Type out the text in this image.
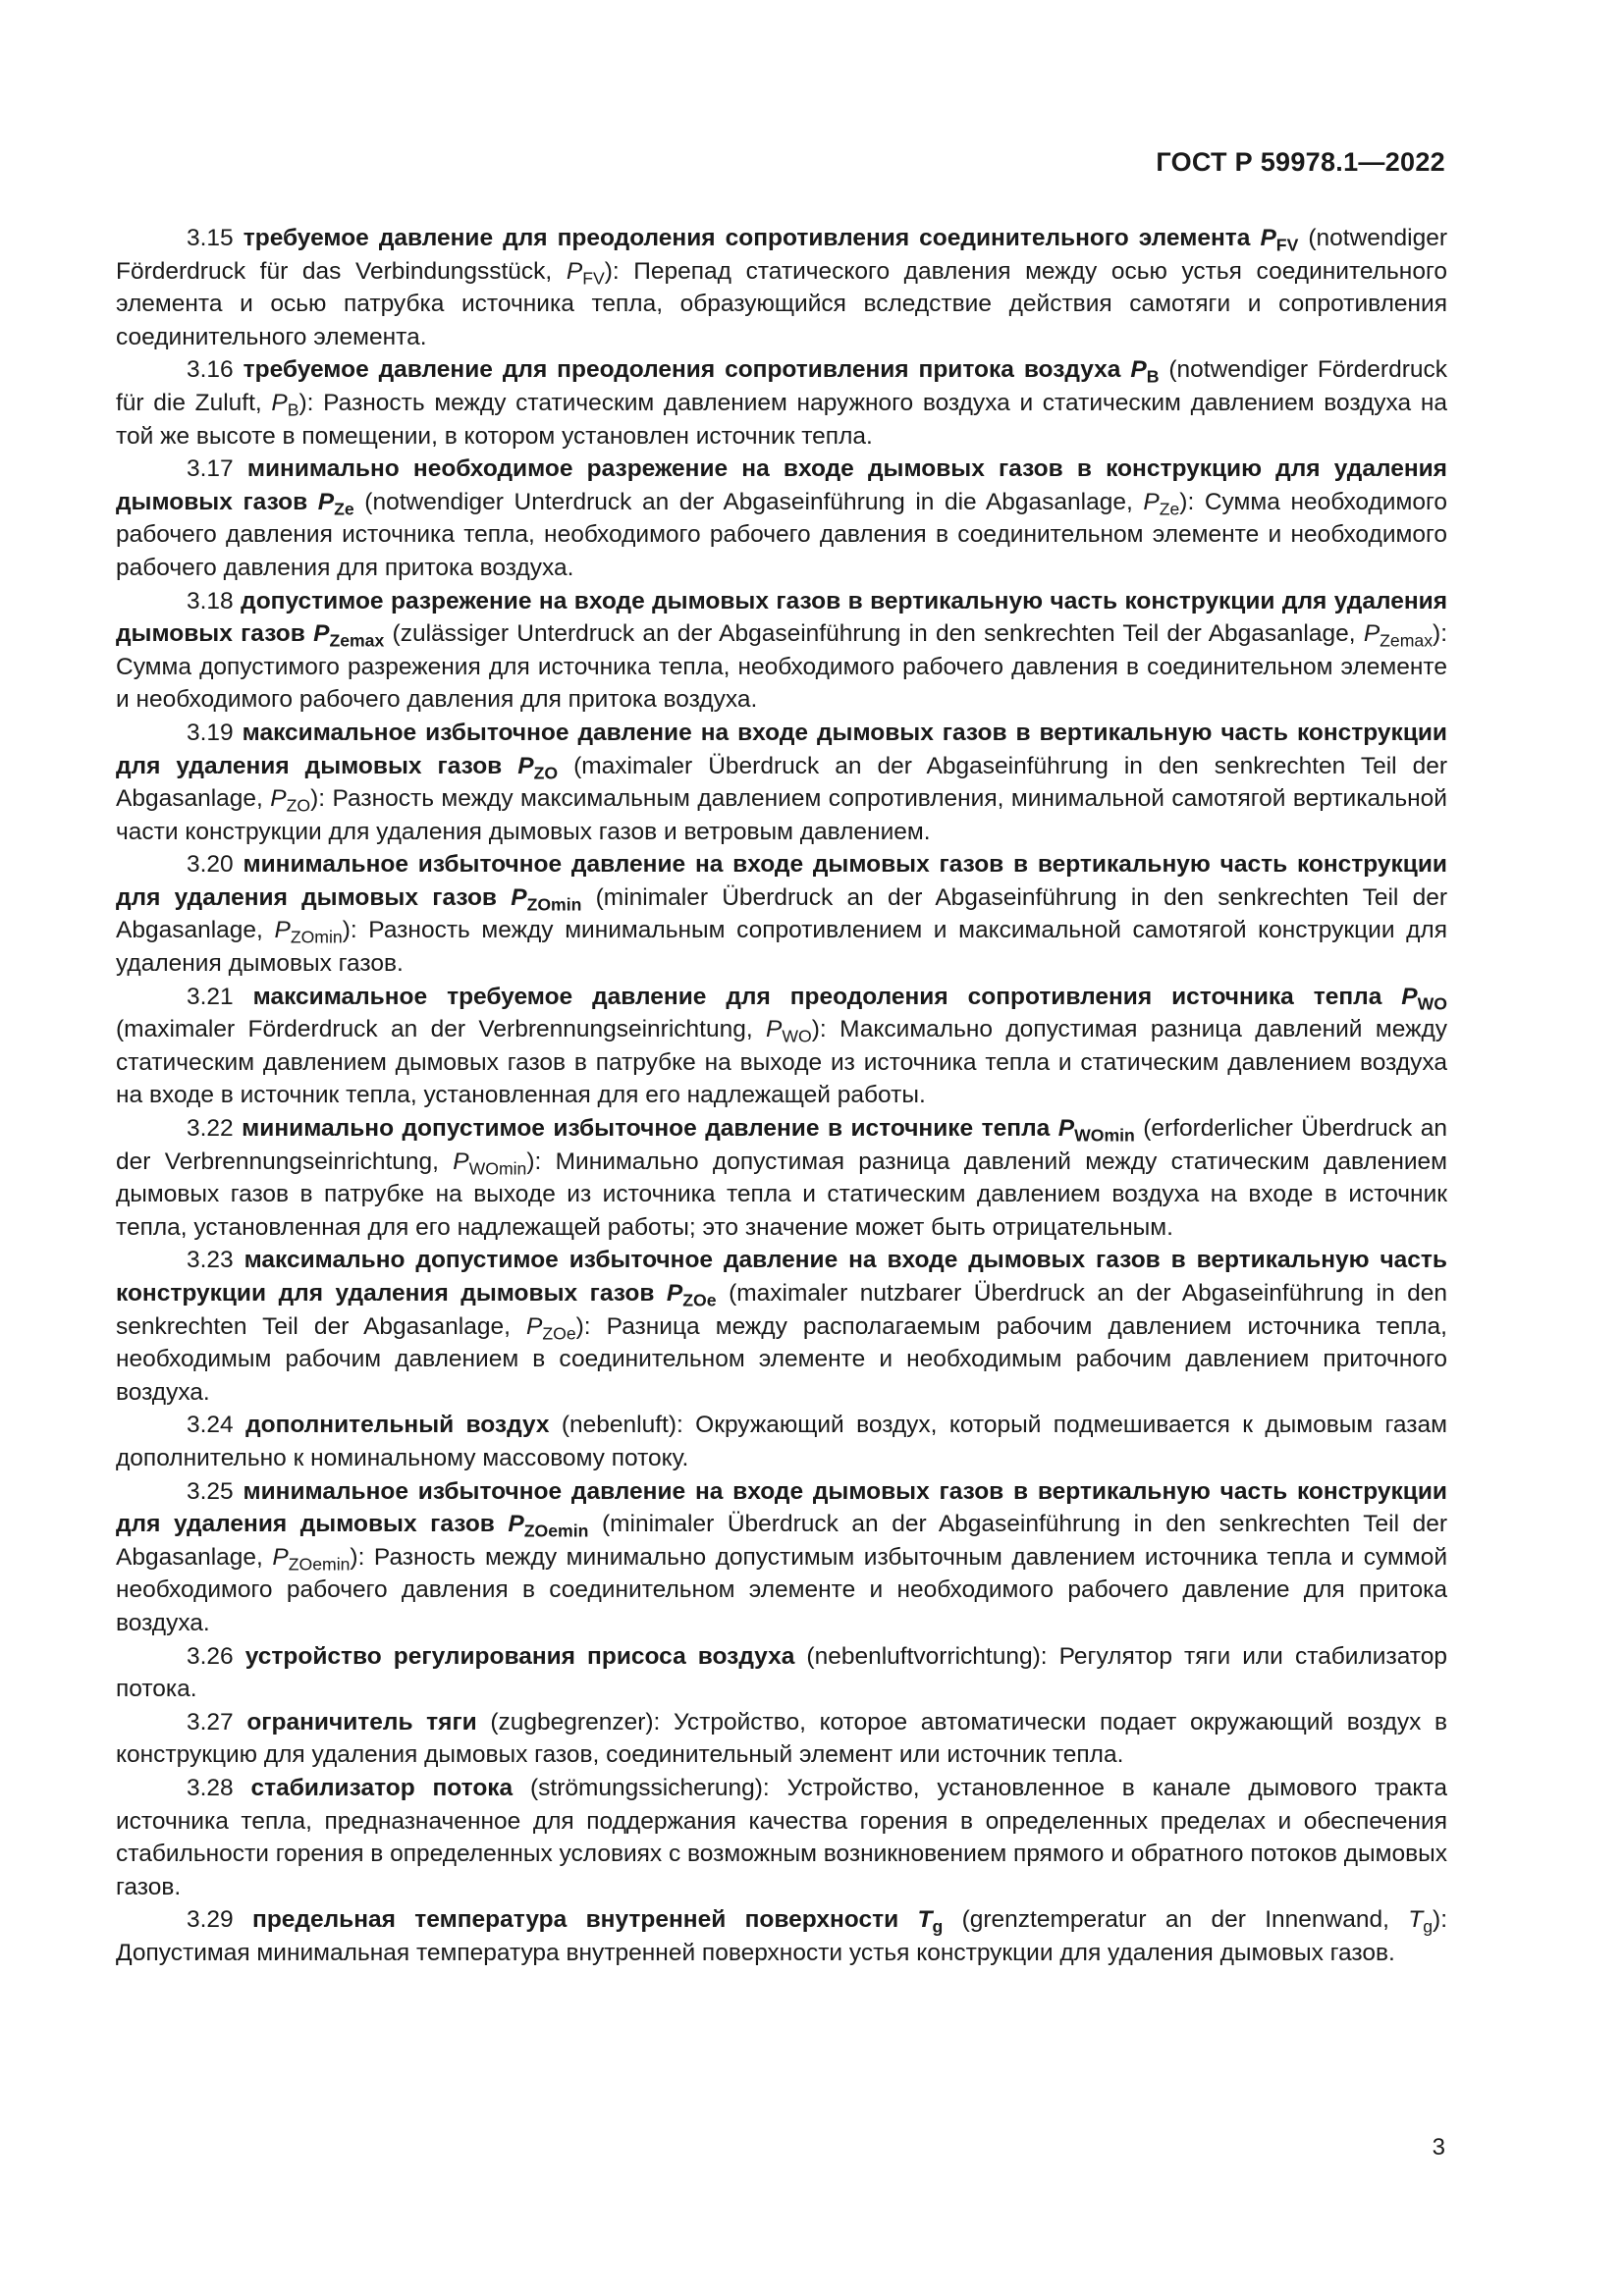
ГОСТ Р 59978.1—2022

3.15 требуемое давление для преодоления сопротивления соединительного элемента $P_{FV}$ (notwendiger Förderdruck für das Verbindungsstück, $P_{FV}$): Перепад статического давления между осью устья соединительного элемента и осью патрубка источника тепла, образующийся вследствие действия самотяги и сопротивления соединительного элемента.

3.16 требуемое давление для преодоления сопротивления притока воздуха $P_B$ (notwendiger Förderdruck für die Zuluft, $P_B$): Разность между статическим давлением наружного воздуха и статическим давлением воздуха на той же высоте в помещении, в котором установлен источник тепла.

3.17 минимально необходимое разрежение на входе дымовых газов в конструкцию для удаления дымовых газов $P_{Ze}$ (notwendiger Unterdruck an der Abgaseinführung in die Abgasanlage, $P_{Ze}$): Сумма необходимого рабочего давления источника тепла, необходимого рабочего давления в соединительном элементе и необходимого рабочего давления для притока воздуха.

3.18 допустимое разрежение на входе дымовых газов в вертикальную часть конструкции для удаления дымовых газов $P_{Zemax}$ (zulässiger Unterdruck an der Abgaseinführung in den senkrechten Teil der Abgasanlage, $P_{Zemax}$): Сумма допустимого разрежения для источника тепла, необходимого рабочего давления в соединительном элементе и необходимого рабочего давления для притока воздуха.

3.19 максимальное избыточное давление на входе дымовых газов в вертикальную часть конструкции для удаления дымовых газов $P_{ZO}$ (maximaler Überdruck an der Abgaseinführung in den senkrechten Teil der Abgasanlage, $P_{ZO}$): Разность между максимальным давлением сопротивления, минимальной самотягой вертикальной части конструкции для удаления дымовых газов и ветровым давлением.

3.20 минимальное избыточное давление на входе дымовых газов в вертикальную часть конструкции для удаления дымовых газов $P_{ZOmin}$ (minimaler Überdruck an der Abgaseinführung in den senkrechten Teil der Abgasanlage, $P_{ZOmin}$): Разность между минимальным сопротивлением и максимальной самотягой конструкции для удаления дымовых газов.

3.21 максимальное требуемое давление для преодоления сопротивления источника тепла $P_{WO}$ (maximaler Förderdruck an der Verbrennungseinrichtung, $P_{WO}$): Максимально допустимая разница давлений между статическим давлением дымовых газов в патрубке на выходе из источника тепла и статическим давлением воздуха на входе в источник тепла, установленная для его надлежащей работы.

3.22 минимально допустимое избыточное давление в источнике тепла $P_{WOmin}$ (erforderlicher Überdruck an der Verbrennungseinrichtung, $P_{WOmin}$): Минимально допустимая разница давлений между статическим давлением дымовых газов в патрубке на выходе из источника тепла и статическим давлением воздуха на входе в источник тепла, установленная для его надлежащей работы; это значение может быть отрицательным.

3.23 максимально допустимое избыточное давление на входе дымовых газов в вертикальную часть конструкции для удаления дымовых газов $P_{ZOe}$ (maximaler nutzbarer Überdruck an der Abgaseinführung in den senkrechten Teil der Abgasanlage, $P_{ZOe}$): Разница между располагаемым рабочим давлением источника тепла, необходимым рабочим давлением в соединительном элементе и необходимым рабочим давлением приточного воздуха.

3.24 дополнительный воздух (nebenluft): Окружающий воздух, который подмешивается к дымовым газам дополнительно к номинальному массовому потоку.

3.25 минимальное избыточное давление на входе дымовых газов в вертикальную часть конструкции для удаления дымовых газов $P_{ZOemin}$ (minimaler Überdruck an der Abgaseinführung in den senkrechten Teil der Abgasanlage, $P_{ZOemin}$): Разность между минимально допустимым избыточным давлением источника тепла и суммой необходимого рабочего давления в соединительном элементе и необходимого рабочего давление для притока воздуха.

3.26 устройство регулирования присоса воздуха (nebenluftvorrichtung): Регулятор тяги или стабилизатор потока.

3.27 ограничитель тяги (zugbegrenzer): Устройство, которое автоматически подает окружающий воздух в конструкцию для удаления дымовых газов, соединительный элемент или источник тепла.

3.28 стабилизатор потока (strömungssicherung): Устройство, установленное в канале дымового тракта источника тепла, предназначенное для поддержания качества горения в определенных пределах и обеспечения стабильности горения в определенных условиях с возможным возникновением прямого и обратного потоков дымовых газов.

3.29 предельная температура внутренней поверхности $T_g$ (grenztemperatur an der Innenwand, $T_g$): Допустимая минимальная температура внутренней поверхности устья конструкции для удаления дымовых газов.

3
